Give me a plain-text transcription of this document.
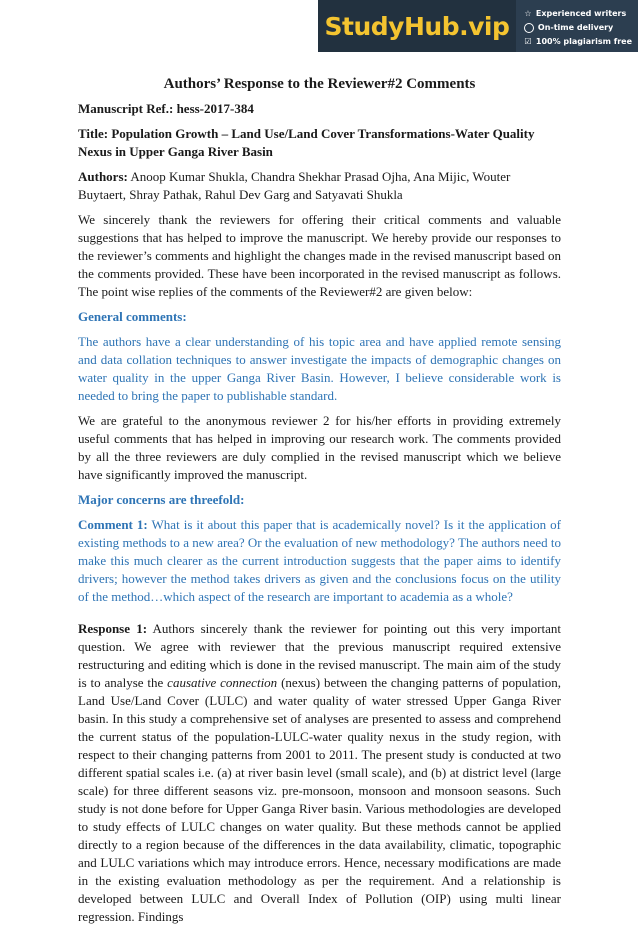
StudyHub.vip
☆	Experienced writers
On-time delivery
☑
100% plagiarism free
Authors’ Response to the Reviewer#2 Comments

Manuscript Ref.: hess-2017-384

Title: Population Growth – Land Use/Land Cover Transformations-Water Quality Nexus in Upper Ganga River Basin

Authors: Anoop Kumar Shukla, Chandra Shekhar Prasad Ojha, Ana Mijic, Wouter Buytaert, Shray Pathak, Rahul Dev Garg and Satyavati Shukla

We sincerely thank the reviewers for offering their critical comments and valuable suggestions that has helped to improve the manuscript. We hereby provide our responses to the reviewer’s comments and highlight the changes made in the revised manuscript based on the comments provided. These have been incorporated in the revised manuscript as follows. The point wise replies of the comments of the Reviewer#2 are given below:

General comments:

The authors have a clear understanding of his topic area and have applied remote sensing and data collation techniques to answer investigate the impacts of demographic changes on water quality in the upper Ganga River Basin. However, I believe considerable work is needed to bring the paper to publishable standard.

We are grateful to the anonymous reviewer 2 for his/her efforts in providing extremely useful comments that has helped in improving our research work. The comments provided by all the three reviewers are duly complied in the revised manuscript which we believe have significantly improved the manuscript.

Major concerns are threefold:

Comment 1: What is it about this paper that is academically novel? Is it the application of existing methods to a new area? Or the evaluation of new methodology? The authors need to make this much clearer as the current introduction suggests that the paper aims to identify drivers; however the method takes drivers as given and the conclusions focus on the utility of the method…which aspect of the research are important to academia as a whole?

Response 1: Authors sincerely thank the reviewer for pointing out this very important question. We agree with reviewer that the previous manuscript required extensive restructuring and editing which is done in the revised manuscript. The main aim of the study is to analyse the causative connection (nexus) between the changing patterns of population, Land Use/Land Cover (LULC) and water quality of water stressed Upper Ganga River basin. In this study a comprehensive set of analyses are presented to assess and comprehend the current status of the population-LULC-water quality nexus in the study region, with respect to their changing patterns from 2001 to 2011. The present study is conducted at two different spatial scales i.e. (a) at river basin level (small scale), and (b) at district level (large scale) for three different seasons viz. pre-monsoon, monsoon and monsoon seasons. Such study is not done before for Upper Ganga River basin. Various methodologies are developed to study effects of LULC changes on water quality. But these methods cannot be applied directly to a region because of the differences in the data availability, climatic, topographic and LULC variations which may introduce errors. Hence, necessary modifications are made in the existing evaluation methodology as per the requirement. And a relationship is developed between LULC and Overall Index of Pollution (OIP) using multi linear regression. Findings
